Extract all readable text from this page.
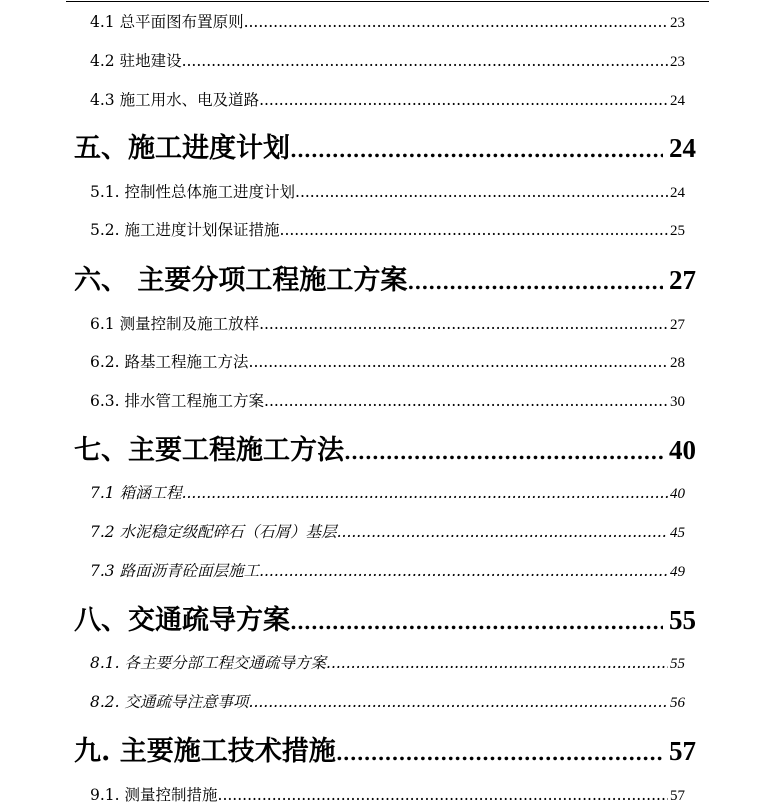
4.1 总平面图布置原则 .....	23
4.2 驻地建设 .....	23
4.3 施工用水、电及道路 .....	24
五、施工进度计划 .....	24
5.1. 控制性总体施工进度计划 .....	24
5.2. 施工进度计划保证措施 .....	25
六、 主要分项工程施工方案 .....	27
6.1 测量控制及施工放样 .....	27
6.2. 路基工程施工方法 .....	28
6.3. 排水管工程施工方案 .....	30
七、主要工程施工方法 .....	40
7.1 箱涵工程 .....	40
7.2 水泥稳定级配碎石（石屑）基层 .....	45
7.3 路面沥青砼面层施工 .....	49
八、交通疏导方案 .....	55
8.1. 各主要分部工程交通疏导方案 .....	55
8.2. 交通疏导注意事项 .....	56
九. 主要施工技术措施 .....	57
9.1. 测量控制措施 .....	57
